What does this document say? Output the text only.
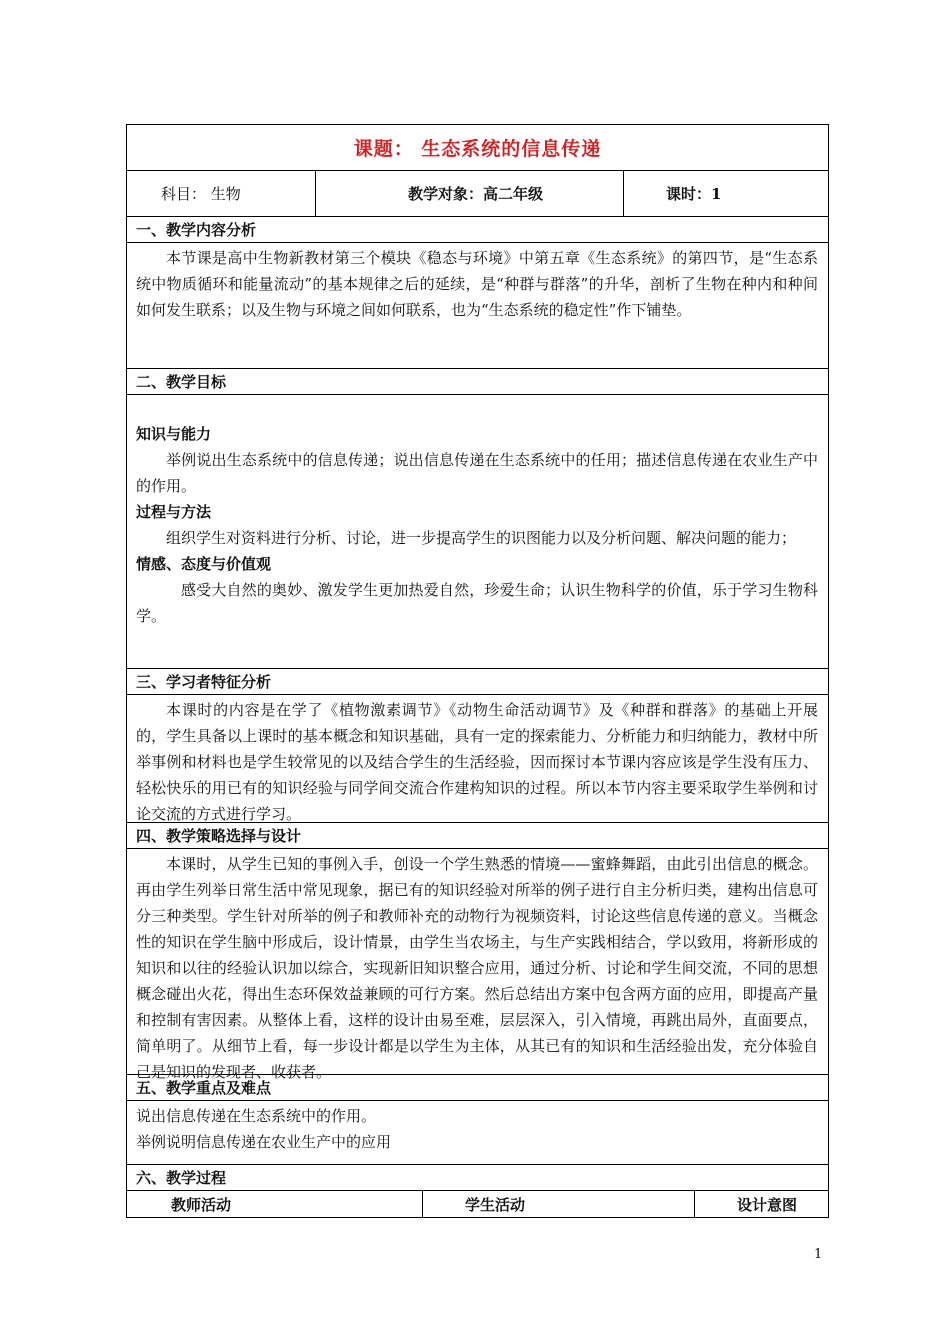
课题： 生态系统的信息传递
科目： 生物	教学对象：高二年级	课时：1
一、教学内容分析
本节课是高中生物新教材第三个模块《稳态与环境》中第五章《生态系统》的第四节，是“生态系统中物质循环和能量流动”的基本规律之后的延续，是“种群与群落”的升华，剖析了生物在种内和种间如何发生联系；以及生物与环境之间如何联系，也为“生态系统的稳定性”作下铺垫。
二、教学目标
知识与能力
举例说出生态系统中的信息传递；说出信息传递在生态系统中的任用；描述信息传递在农业生产中的作用。
过程与方法
组织学生对资料进行分析、讨论，进一步提高学生的识图能力以及分析问题、解决问题的能力；
情感、态度与价值观
感受大自然的奥妙、激发学生更加热爱自然，珍爱生命；认识生物科学的价值，乐于学习生物科学。
三、学习者特征分析
本课时的内容是在学了《植物激素调节》《动物生命活动调节》及《种群和群落》的基础上开展的，学生具备以上课时的基本概念和知识基础，具有一定的探索能力、分析能力和归纳能力，教材中所举事例和材料也是学生较常见的以及结合学生的生活经验，因而探讨本节课内容应该是学生没有压力、轻松快乐的用已有的知识经验与同学间交流合作建构知识的过程。所以本节内容主要采取学生举例和讨论交流的方式进行学习。
四、教学策略选择与设计
本课时，从学生已知的事例入手，创设一个学生熟悉的情境——蜜蜂舞蹈，由此引出信息的概念。再由学生列举日常生活中常见现象，据已有的知识经验对所举的例子进行自主分析归类，建构出信息可分三种类型。学生针对所举的例子和教师补充的动物行为视频资料，讨论这些信息传递的意义。当概念性的知识在学生脑中形成后，设计情景，由学生当农场主，与生产实践相结合，学以致用，将新形成的知识和以往的经验认识加以综合，实现新旧知识整合应用，通过分析、讨论和学生间交流，不同的思想概念碰出火花，得出生态环保效益兼顾的可行方案。然后总结出方案中包含两方面的应用，即提高产量和控制有害因素。从整体上看，这样的设计由易至难，层层深入，引入情境，再跳出局外，直面要点，简单明了。从细节上看，每一步设计都是以学生为主体，从其已有的知识和生活经验出发，充分体验自己是知识的发现者、收获者。
五、教学重点及难点
说出信息传递在生态系统中的作用。
举例说明信息传递在农业生产中的应用
六、教学过程
教师活动	学生活动	设计意图
1
